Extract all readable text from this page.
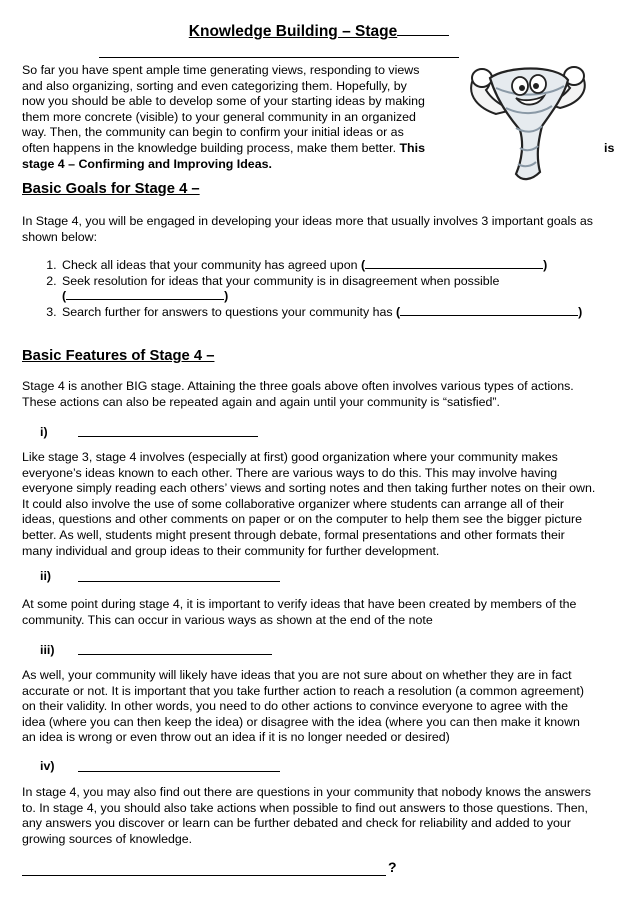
Knowledge Building – Stage
So far you have spent ample time generating views, responding to views
and also organizing, sorting and even categorizing them. Hopefully, by
now you should be able to develop some of your starting ideas by making
them more concrete (visible) to your general community in an organized
way. Then, the community can begin to confirm your initial ideas or as
often happens in the knowledge building process, make them better. This
stage 4 – Confirming and Improving Ideas.
is
Basic Goals for Stage 4 –
In Stage 4, you will be engaged in developing your ideas more that usually involves 3 important goals as
shown below:
1. Check all ideas that your community has agreed upon (	)
2. Seek resolution for ideas that your community is in disagreement when possible
(	)
3. Search further for answers to questions your community has (	)
Basic Features of Stage 4 –
Stage 4 is another BIG stage. Attaining the three goals above often involves various types of actions.
These actions can also be repeated again and again until your community is “satisfied”.
i)
Like stage 3, stage 4 involves (especially at first) good organization where your community makes
everyone’s ideas known to each other. There are various ways to do this. This may involve having
everyone simply reading each others’ views and sorting notes and then taking further notes on their own.
It could also involve the use of some collaborative organizer where students can arrange all of their
ideas, questions and other comments on paper or on the computer to help them see the bigger picture
better. As well, students might present through debate, formal presentations and other formats their
many individual and group ideas to their community for further development.
ii)
At some point during stage 4, it is important to verify ideas that have been created by members of the
community. This can occur in various ways as shown at the end of the note
iii)
As well, your community will likely have ideas that you are not sure about on whether they are in fact
accurate or not. It is important that you take further action to reach a resolution (a common agreement)
on their validity. In other words, you need to do other actions to convince everyone to agree with the
idea (where you can then keep the idea) or disagree with the idea (where you can then make it known
an idea is wrong or even throw out an idea if it is no longer needed or desired)
iv)
In stage 4, you may also find out there are questions in your community that nobody knows the answers
to. In stage 4, you should also take actions when possible to find out answers to those questions. Then,
any answers you discover or learn can be further debated and check for reliability and added to your
growing sources of knowledge.
?
